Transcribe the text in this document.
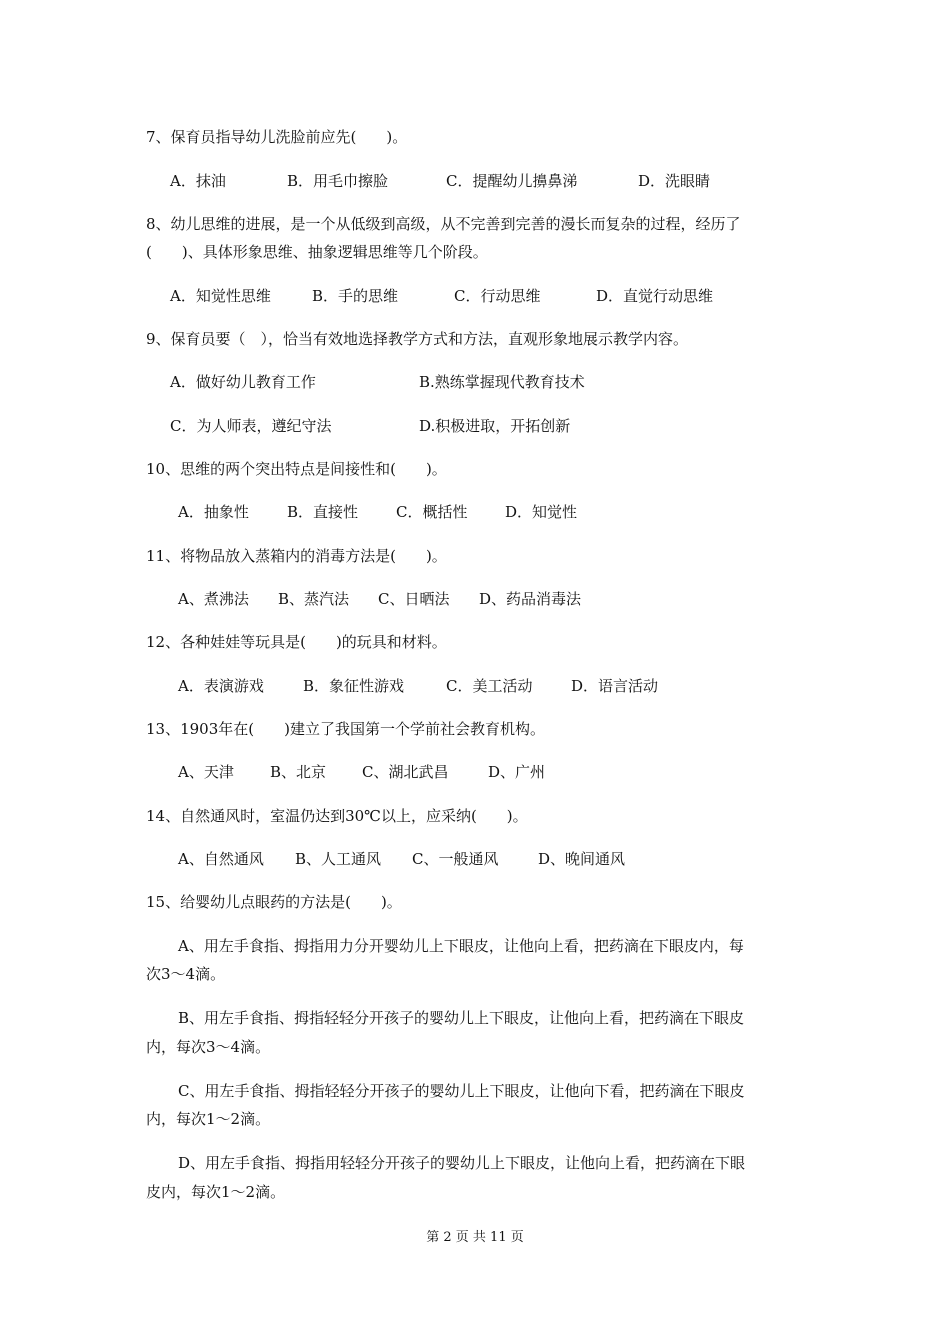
7、保育员指导幼儿洗脸前应先(　　)。
A．抹油	B．用毛巾擦脸	C．提醒幼儿擤鼻涕	D．洗眼睛
8、幼儿思维的进展，是一个从低级到高级，从不完善到完善的漫长而复杂的过程，经历了
(　　)、具体形象思维、抽象逻辑思维等几个阶段。
A．知觉性思维	B．手的思维	C．行动思维	D．直觉行动思维
9、保育员要（　），恰当有效地选择教学方式和方法，直观形象地展示教学内容。
A．做好幼儿教育工作	B.熟练掌握现代教育技术
C．为人师表，遵纪守法	D.积极进取，开拓创新
10、思维的两个突出特点是间接性和(　　)。
A．抽象性	B．直接性	C．概括性	D．知觉性
11、将物品放入蒸箱内的消毒方法是(　　)。
A、煮沸法 B、蒸汽法 C、日晒法 D、药品消毒法
12、各种娃娃等玩具是(　　)的玩具和材料。
A．表演游戏	B．象征性游戏	C．美工活动	D．语言活动
13、1903年在(　　)建立了我国第一个学前社会教育机构。
A、天津 B、北京 C、湖北武昌	D、广州
14、自然通风时，室温仍达到30℃以上，应采纳(　　)。
A、自然通风 B、人工通风 C、一般通风	D、晚间通风
15、给婴幼儿点眼药的方法是(　　)。
A、用左手食指、拇指用力分开婴幼儿上下眼皮，让他向上看，把药滴在下眼皮内，每
次3～4滴。
B、用左手食指、拇指轻轻分开孩子的婴幼儿上下眼皮，让他向上看，把药滴在下眼皮
内，每次3～4滴。
C、用左手食指、拇指轻轻分开孩子的婴幼儿上下眼皮，让他向下看，把药滴在下眼皮
内，每次1～2滴。
D、用左手食指、拇指用轻轻分开孩子的婴幼儿上下眼皮，让他向上看，把药滴在下眼
皮内，每次1～2滴。
第 2 页 共 11 页
